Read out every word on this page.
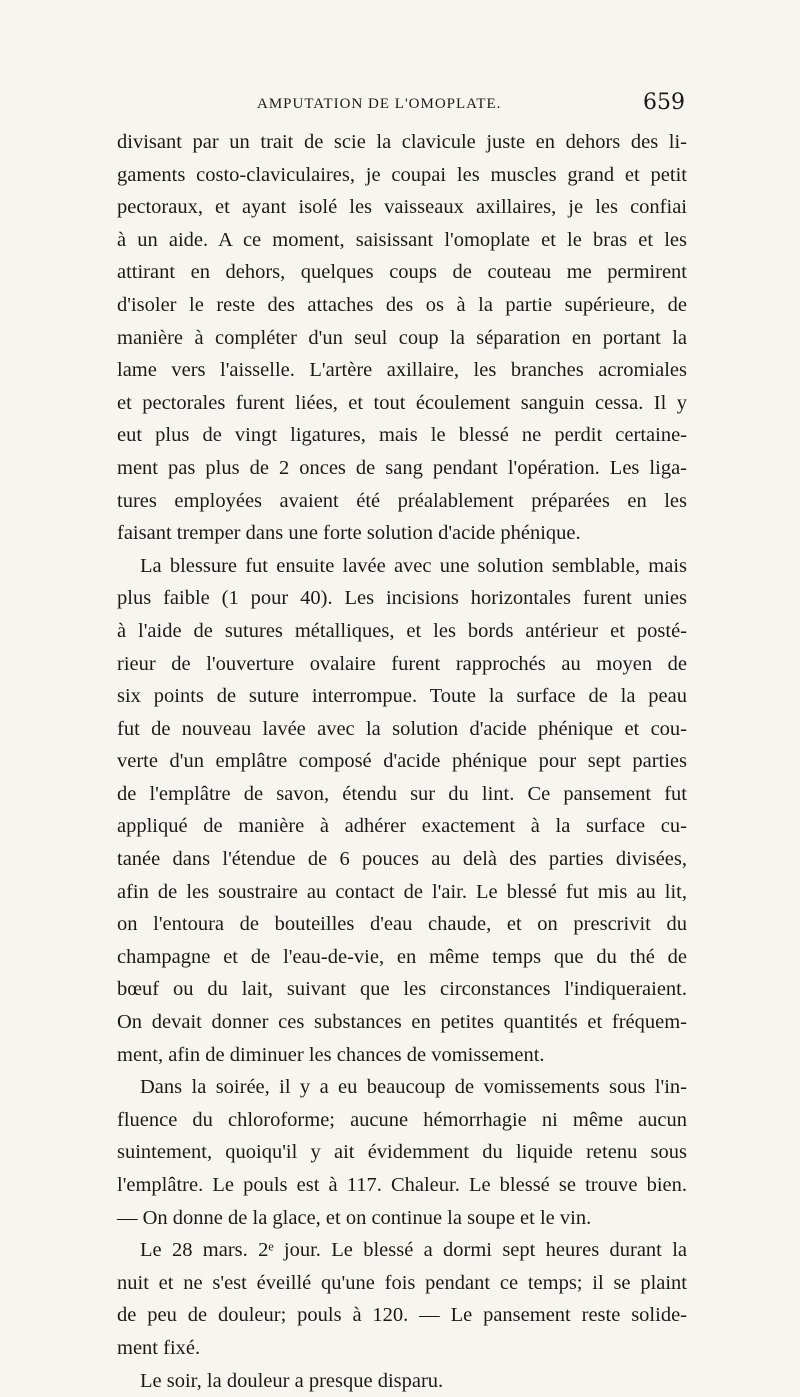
AMPUTATION DE L'OMOPLATE.	659
divisant par un trait de scie la clavicule juste en dehors des li-
gaments costo-claviculaires, je coupai les muscles grand et petit
pectoraux, et ayant isolé les vaisseaux axillaires, je les confiai
à un aide. A ce moment, saisissant l'omoplate et le bras et les
attirant en dehors, quelques coups de couteau me permirent
d'isoler le reste des attaches des os à la partie supérieure, de
manière à compléter d'un seul coup la séparation en portant la
lame vers l'aisselle. L'artère axillaire, les branches acromiales
et pectorales furent liées, et tout écoulement sanguin cessa. Il y
eut plus de vingt ligatures, mais le blessé ne perdit certaine-
ment pas plus de 2 onces de sang pendant l'opération. Les liga-
tures employées avaient été préalablement préparées en les
faisant tremper dans une forte solution d'acide phénique.
La blessure fut ensuite lavée avec une solution semblable, mais
plus faible (1 pour 40). Les incisions horizontales furent unies
à l'aide de sutures métalliques, et les bords antérieur et posté-
rieur de l'ouverture ovalaire furent rapprochés au moyen de
six points de suture interrompue. Toute la surface de la peau
fut de nouveau lavée avec la solution d'acide phénique et cou-
verte d'un emplâtre composé d'acide phénique pour sept parties
de l'emplâtre de savon, étendu sur du lint. Ce pansement fut
appliqué de manière à adhérer exactement à la surface cu-
tanée dans l'étendue de 6 pouces au delà des parties divisées,
afin de les soustraire au contact de l'air. Le blessé fut mis au lit,
on l'entoura de bouteilles d'eau chaude, et on prescrivit du
champagne et de l'eau-de-vie, en même temps que du thé de
bœuf ou du lait, suivant que les circonstances l'indiqueraient.
On devait donner ces substances en petites quantités et fréquem-
ment, afin de diminuer les chances de vomissement.
Dans la soirée, il y a eu beaucoup de vomissements sous l'in-
fluence du chloroforme; aucune hémorrhagie ni même aucun
suintement, quoiqu'il y ait évidemment du liquide retenu sous
l'emplâtre. Le pouls est à 117. Chaleur. Le blessé se trouve bien.
— On donne de la glace, et on continue la soupe et le vin.
Le 28 mars. 2ᵉ jour. Le blessé a dormi sept heures durant la
nuit et ne s'est éveillé qu'une fois pendant ce temps; il se plaint
de peu de douleur; pouls à 120. — Le pansement reste solide-
ment fixé.
Le soir, la douleur a presque disparu.
